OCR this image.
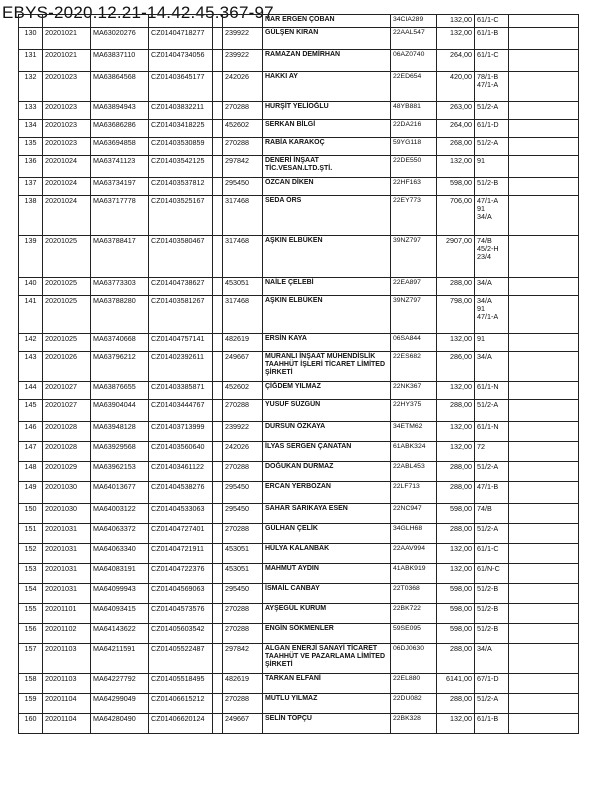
EBYS-2020.12.21-14.42.45.367-97
						NAR ERGEN ÇOBAN	34CIA289	132,00	61/1-C	
130	20201021	MA63020276	CZ01404718277		239922	GÜLŞEN KIRAN	22AAL547	132,00	61/1-B	
131	20201021	MA63837110	CZ01404734056		239922	RAMAZAN DEMİRHAN	06AZ0740	264,00	61/1-C	
132	20201023	MA63864568	CZ01403645177		242026	HAKKI AY	22ED654	420,00	78/1-B
47/1-A	
133	20201023	MA63894943	CZ01403832211		270288	HURŞİT YELİOĞLU	48YB881	263,00	51/2-A	
134	20201023	MA63686286	CZ01403418225		452602	SERKAN BİLGİ	22DA216	264,00	61/1-D	
135	20201023	MA63694858	CZ01403530859		270288	RABİA KARAKOÇ	59YG118	268,00	51/2-A	
136	20201024	MA63741123	CZ01403542125		297842	DENERİ İNŞAAT TİC.VESAN.LTD.ŞTİ.	22DE550	132,00	91	
137	20201024	MA63734197	CZ01403537812		295450	ÖZCAN DİKEN	22HF163	598,00	51/2-B	
138	20201024	MA63717778	CZ01403525167		317468	SEDA ÖRS	22EY773	706,00	47/1-A
91
34/A	
139	20201025	MA63788417	CZ01403580467		317468	AŞKIN ELBÜKEN	39NZ797	2907,00	74/B
45/2-H
23/4	
140	20201025	MA63773303	CZ01404738627		453051	NAİLE ÇELEBİ	22EA897	288,00	34/A	
141	20201025	MA63788280	CZ01403581267		317468	AŞKIN ELBÜKEN	39NZ797	798,00	34/A
91
47/1-A	
142	20201025	MA63740668	CZ01404757141		482619	ERSİN KAYA	06SA844	132,00	91	
143	20201026	MA63796212	CZ01402392611		249667	MURANLI İNŞAAT MÜHENDİSLİK TAAHHÜT İŞLERİ TİCARET LİMİTED ŞİRKETİ	22ES682	286,00	34/A	
144	20201027	MA63876655	CZ01403385871		452602	ÇİĞDEM YILMAZ	22NK367	132,00	61/1-N	
145	20201027	MA63904044	CZ01403444767		270288	YUSUF SÜZGÜN	22HY375	288,00	51/2-A	
146	20201028	MA63948128	CZ01403713999		239922	DURSUN ÖZKAYA	34ETM62	132,00	61/1-N	
147	20201028	MA63929568	CZ01403560640		242026	İLYAS SERGEN ÇANATAN	61ABK324	132,00	72	
148	20201029	MA63962153	CZ01403461122		270288	DOĞUKAN DURMAZ	22ABL453	288,00	51/2-A	
149	20201030	MA64013677	CZ01404538276		295450	ERCAN YERBOZAN	22LF713	288,00	47/1-B	
150	20201030	MA64003122	CZ01404533063		295450	SAHAR SARIKAYA ESEN	22NC947	598,00	74/B	
151	20201031	MA64063372	CZ01404727401		270288	GÜLHAN ÇELİK	34GLH68	288,00	51/2-A	
152	20201031	MA64063340	CZ01404721911		453051	HÜLYA KALANBAK	22AAV994	132,00	61/1-C	
153	20201031	MA64083191	CZ01404722376		453051	MAHMUT AYDIN	41ABK919	132,00	61/N-C	
154	20201031	MA64099943	CZ01404569063		295450	İSMAİL CANBAY	22T0368	598,00	51/2-B	
155	20201101	MA64093415	CZ01404573576		270288	AYŞEGÜL KURUM	22BK722	598,00	51/2-B	
156	20201102	MA64143622	CZ01405603542		270288	ENGİN SÖKMENLER	59SE095	598,00	51/2-B	
157	20201103	MA64211591	CZ01405522487		297842	ALGAN ENERJİ SANAYİ TİCARET TAAHHÜT VE PAZARLAMA LİMİTED ŞİRKETİ	06DJ0630	288,00	34/A	
158	20201103	MA64227792	CZ01405518495		482619	TARKAN ELFANİ	22EL880	6141,00	67/1-D	
159	20201104	MA64299049	CZ01406615212		270288	MUTLU YILMAZ	22DU082	288,00	51/2-A	
160	20201104	MA64280490	CZ01406620124		249667	SELİN TOPÇU	22BK328	132,00	61/1-B	
